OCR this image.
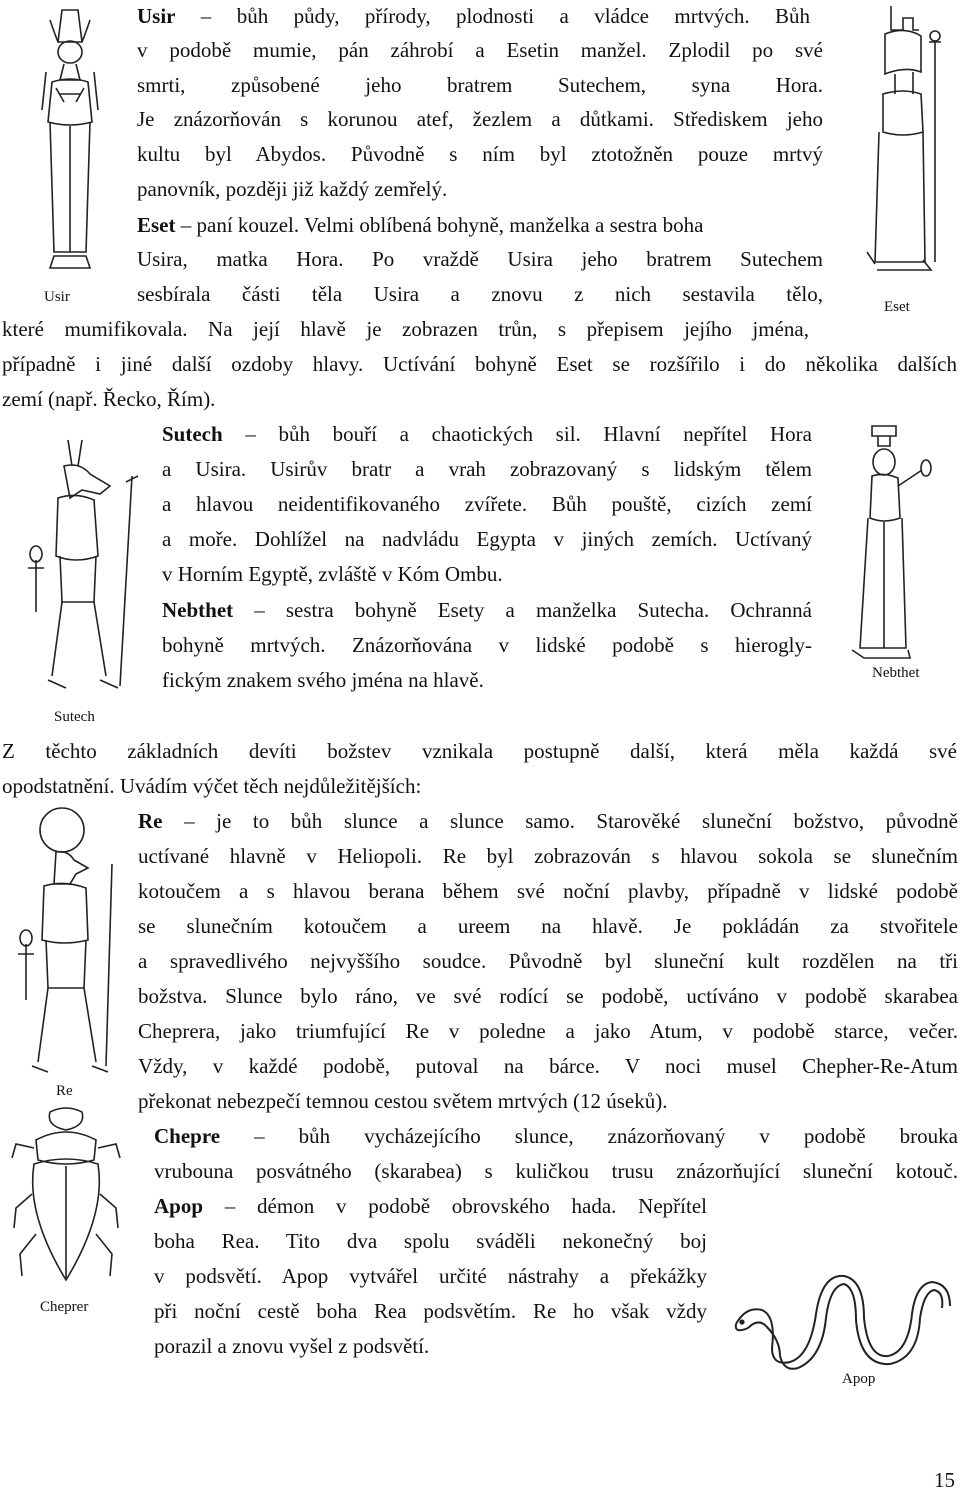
Usir
Eset
Sutech
Nebthet
Re
Cheprer
Apop
Usir – bůh půdy, přírody, plodnosti a vládce mrtvých. Bůh
v podobě mumie, pán záhrobí a Esetin manžel. Zplodil po své
smrti, způsobené jeho bratrem Sutechem, syna Hora.
Je znázorňován s korunou atef, žezlem a důtkami. Střediskem jeho
kultu byl Abydos. Původně s ním byl ztotožněn pouze mrtvý
panovník, později již každý zemřelý.
Eset – paní kouzel. Velmi oblíbená bohyně, manželka a sestra boha
Usira, matka Hora. Po vraždě Usira jeho bratrem Sutechem
sesbírala části těla Usira a znovu z nich sestavila tělo,
které mumifikovala. Na její hlavě je zobrazen trůn, s přepisem jejího jména,
případně i jiné další ozdoby hlavy. Uctívání bohyně Eset se rozšířilo i do několika dalších
zemí (např. Řecko, Řím).
Sutech – bůh bouří a chaotických sil. Hlavní nepřítel Hora
a Usira. Usirův bratr a vrah zobrazovaný s lidským tělem
a hlavou neidentifikovaného zvířete. Bůh pouště, cizích zemí
a moře. Dohlížel na nadvládu Egypta v jiných zemích. Uctívaný
v Horním Egyptě, zvláště v Kóm Ombu.
Nebthet – sestra bohyně Esety a manželka Sutecha. Ochranná
bohyně mrtvých. Znázorňována v lidské podobě s hierogly-
fickým znakem svého jména na hlavě.
Z těchto základních devíti božstev vznikala postupně další, která měla každá své
opodstatnění. Uvádím výčet těch nejdůležitějších:
Re – je to bůh slunce a slunce samo. Starověké sluneční božstvo, původně
uctívané hlavně v Heliopoli. Re byl zobrazován s hlavou sokola se slunečním
kotoučem a s hlavou berana během své noční plavby, případně v lidské podobě
se slunečním kotoučem a ureem na hlavě. Je pokládán za stvořitele
a spravedlivého nejvyššího soudce. Původně byl sluneční kult rozdělen na tři
božstva. Slunce bylo ráno, ve své rodící se podobě, uctíváno v podobě skarabea
Cheprera, jako triumfující Re v poledne a jako Atum, v podobě starce, večer.
Vždy, v každé podobě, putoval na bárce. V noci musel Chepher-Re-Atum
překonat nebezpečí temnou cestou světem mrtvých (12 úseků).
Chepre – bůh vycházejícího slunce, znázorňovaný v podobě brouka
vrubouna posvátného (skarabea) s kuličkou trusu znázorňující sluneční kotouč.
Apop – démon v podobě obrovského hada. Nepřítel
boha Rea. Tito dva spolu sváděli nekonečný boj
v podsvětí. Apop vytvářel určité nástrahy a překážky
při noční cestě boha Rea podsvětím. Re ho však vždy
porazil a znovu vyšel z podsvětí.
15
